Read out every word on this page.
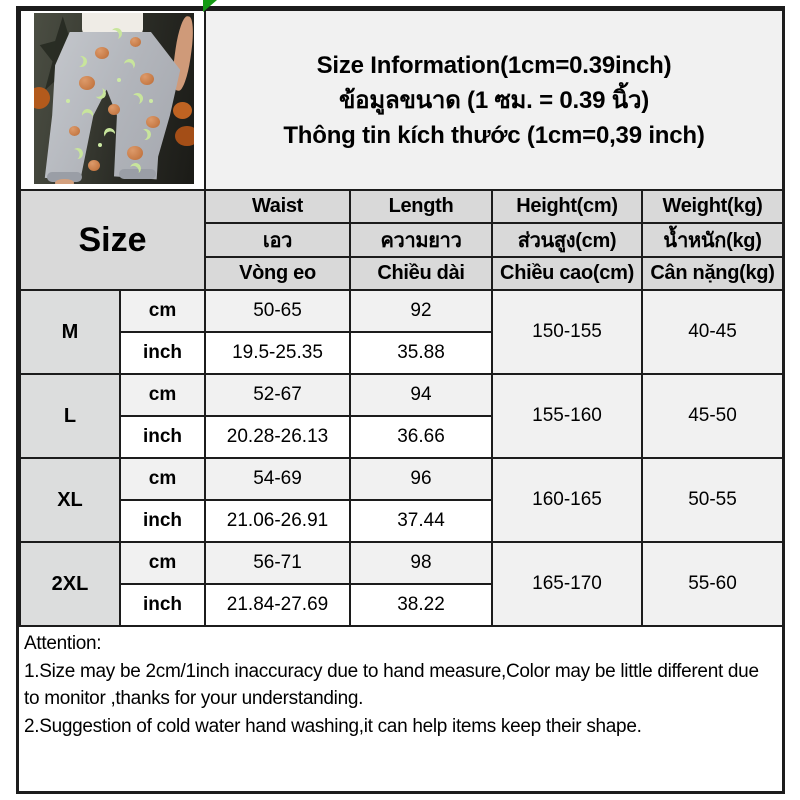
		Size Information(1cm=0.39inch)
ข้อมูลขนาด (1 ซม. = 0.39 นิ้ว)
Thông tin kích thước (1cm=0,39 inch)			

Size		Waist	Length	Height(cm)	Weight(kg)
		เอว	ความยาว	ส่วนสูง(cm)	น้ำหนัก(kg)
		Vòng eo	Chiều dài	Chiều cao(cm)	Cân nặng(kg)
M	cm	50-65	92	150-155	40-45
	inch	19.5-25.35	35.88		
L	cm	52-67	94	155-160	45-50
	inch	20.28-26.13	36.66		
XL	cm	54-69	96	160-165	50-55
	inch	21.06-26.91	37.44		
2XL	cm	56-71	98	165-170	55-60
	inch	21.84-27.69	38.22		
Attention:
1.Size may be 2cm/1inch inaccuracy due to hand measure,Color may be little different due to monitor ,thanks for your understanding.
2.Suggestion of cold water hand washing,it can help items keep their shape.
